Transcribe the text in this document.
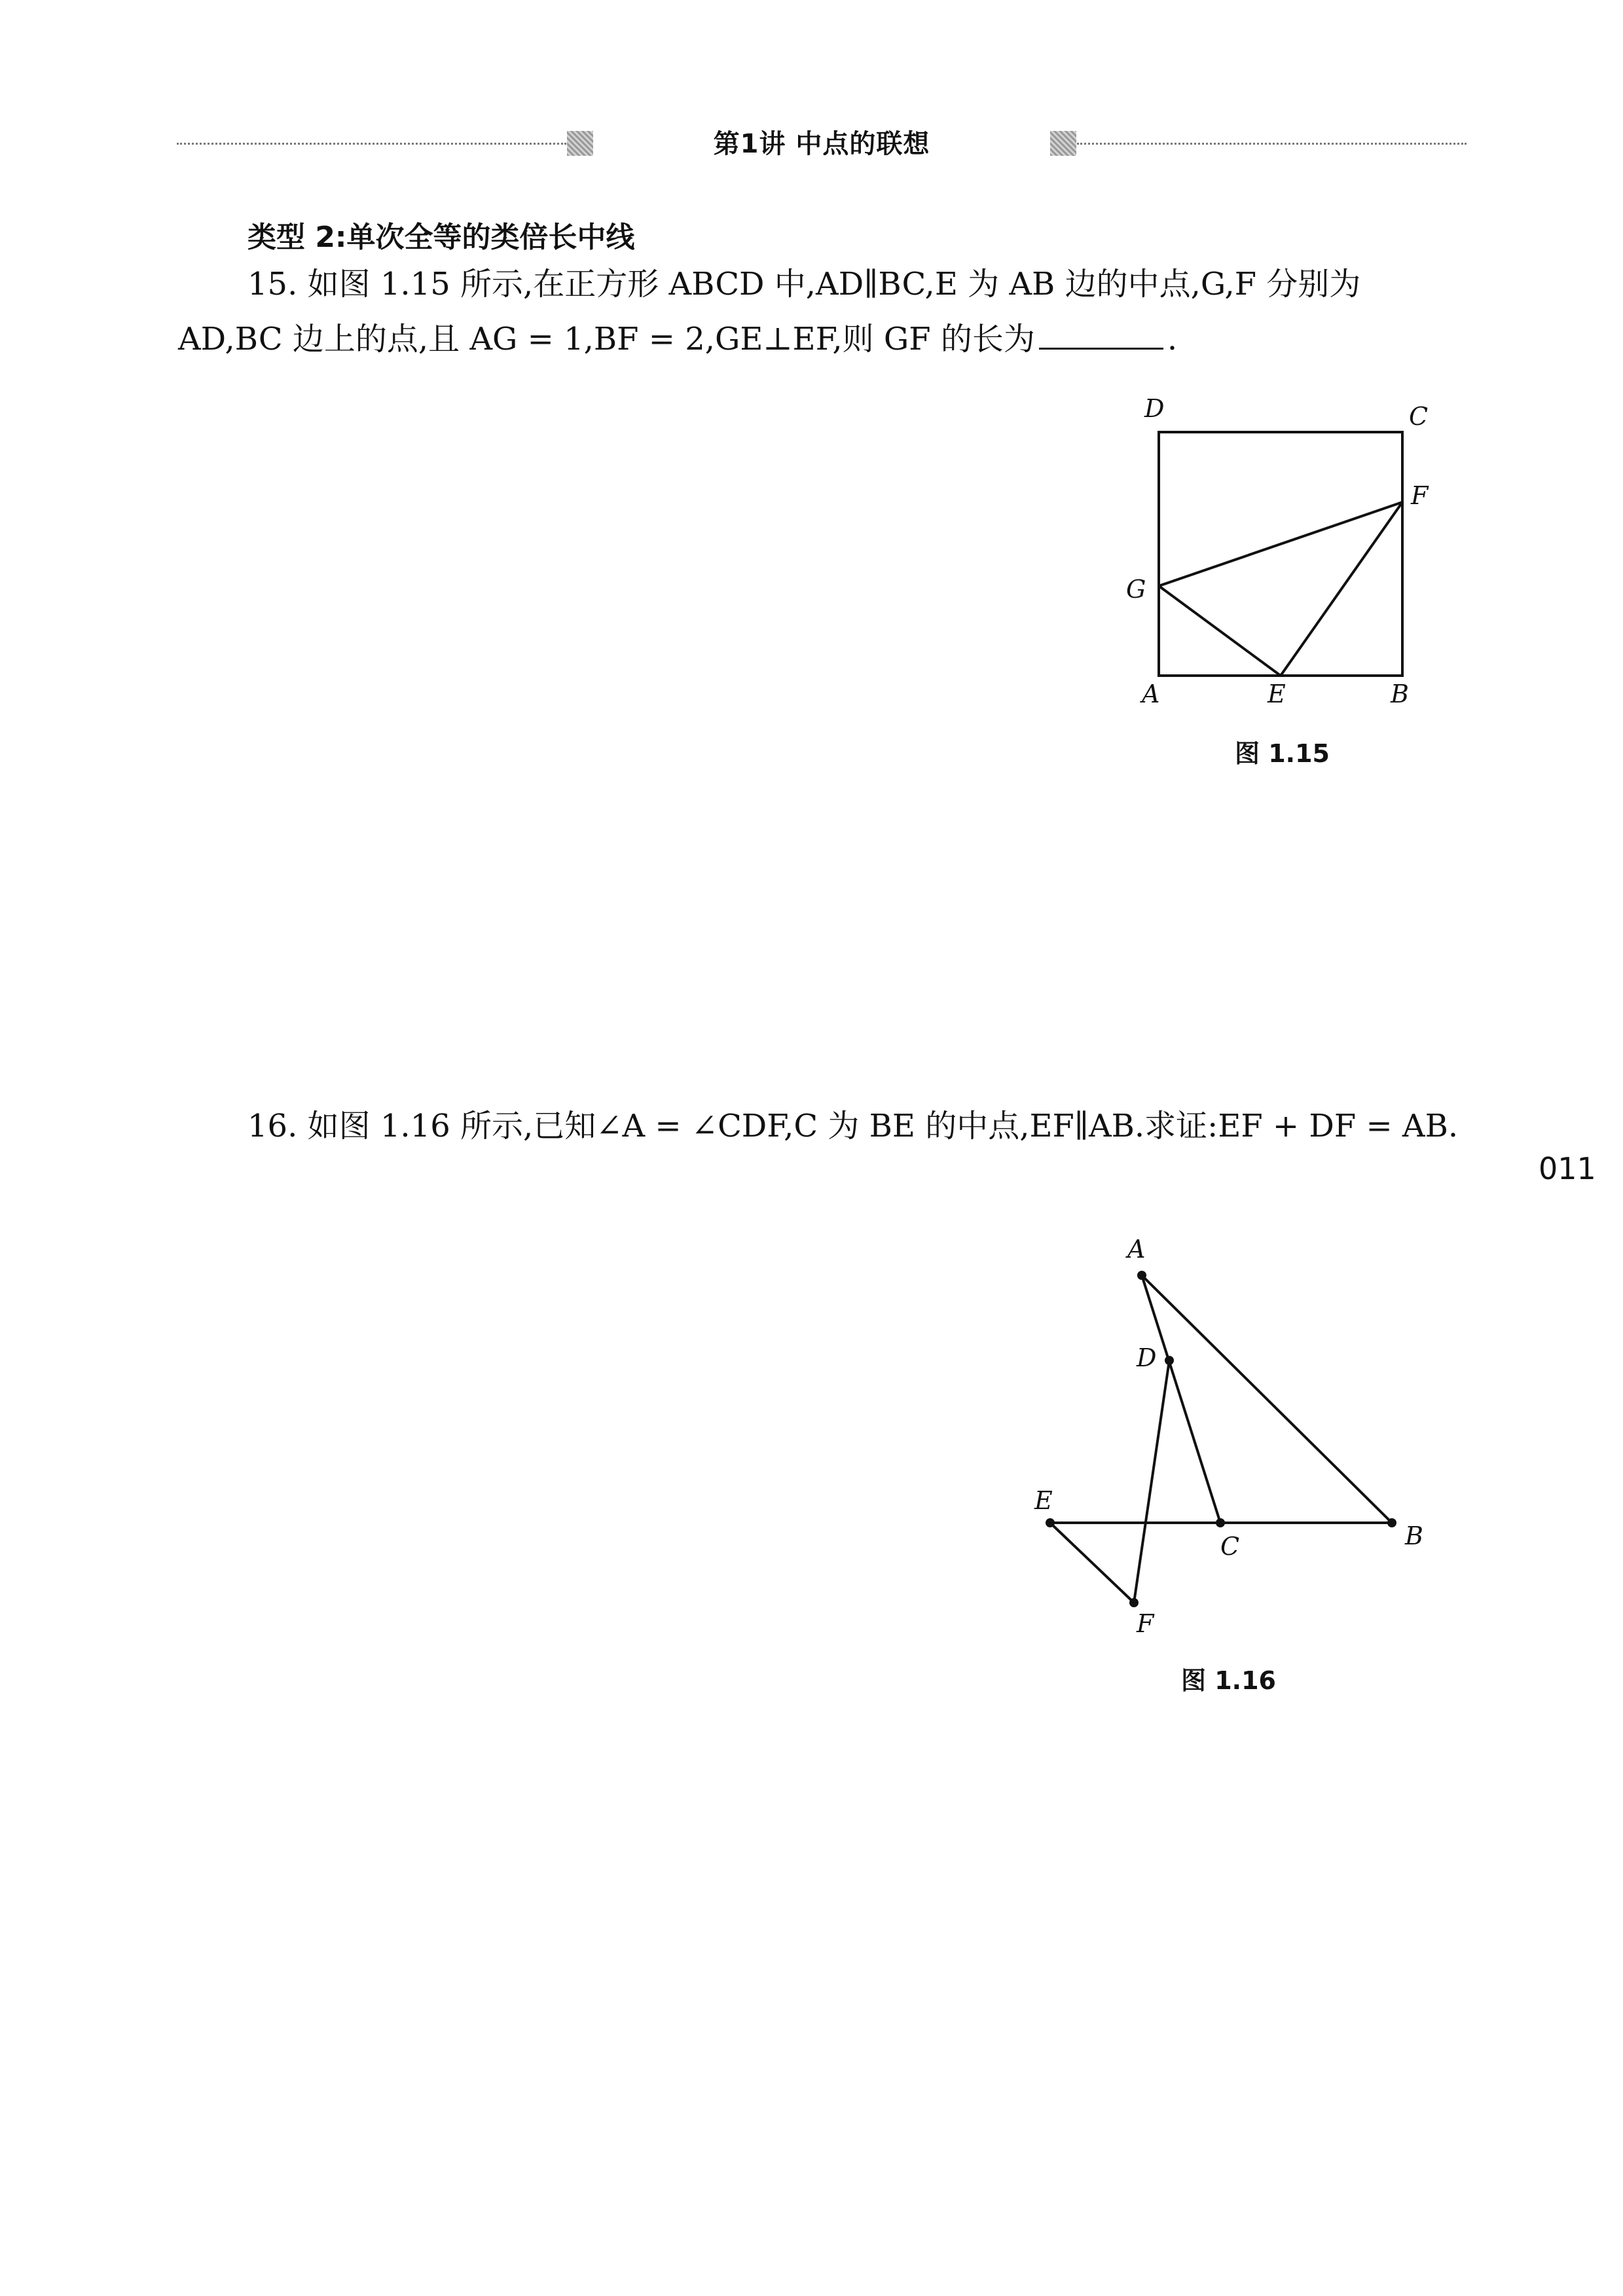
第1讲 中点的联想
类型 2:单次全等的类倍长中线
15. 如图 1.15 所示,在正方形 ABCD 中,AD∥BC,E 为 AB 边的中点,G,F 分别为 AD,BC 边上的点,且 AG = 1,BF = 2,GE⊥EF,则 GF 的长为	.
D	C
F
G
A	E	B
图 1.15
16. 如图 1.16 所示,已知∠A = ∠CDF,C 为 BE 的中点,EF∥AB.求证:EF + DF = AB.
011
A
D
E
C	B
F
图 1.16
